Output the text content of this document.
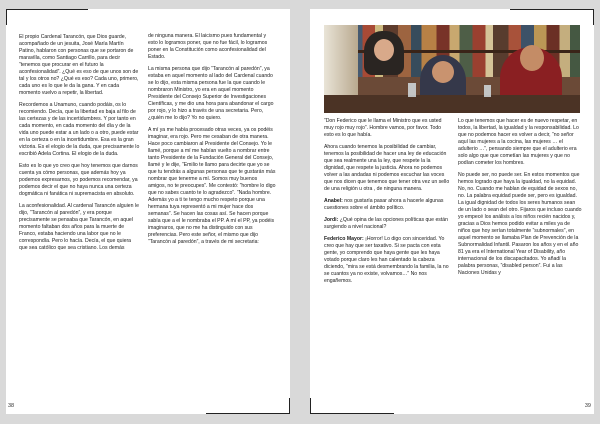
El propio Cardenal Tarancón, que Dios guarde, acompañado de un jesuita, José María Martín Patino, hablaron con personas que se portaron de maravilla, como Santiago Carrillo, para decir “tenemos que procurar en el futuro la aconfesionalidad”. ¿Qué es eso de que unos son de tal y los otros no? ¿Qué es eso? Cada uno, primero, cada uno es lo que le da la gana. Y en cada momento vuelvo a repetir, la libertad.

Recordemos a Unamuno, cuando podáis, os lo recomiendo. Decía, que la libertad es baja al filo de las certezas y de las incertidumbres. Y por tanto en cada momento, en cada momento del día y de la vida uno puede estar a un lado o a otro, puede estar en la certeza o en la incertidumbre. Esa es la gran victoria. Es el elogio de la duda, que precisamente lo escribió Adela Cortina. El elogio de la duda.

Esto es lo que yo creo que hoy tenemos que darnos cuenta ya cómo personas, que además hoy ya podemos expresarnos, yo podemos recomendar, ya podemos decir el que no haya nunca una certeza dogmática ni fanática ni supremacista en absoluto.

La aconfesionalidad. Al cardenal Tarancón alguien le dijo, “Tarancón al paredón”, y era porque precisamente se pensaba que Tarancón, en aquel momento faltaban dos años para la muerte de Franco, estaba haciendo una labor que no le correspondía. Pero lo hacía. Decía, el que quiera que sea católico que sea cristiano. Los demás

de ninguna manera. El laicismo pues fundamental y esto lo logramos poner, que no fue fácil, lo logramos poner en la Constitución como aconfesionalidad del Estado.

La misma persona que dijo “Tarancón al paredón”, ya estaba en aquel momento al lado del Cardenal cuando se lo dijo, esta misma persona fue la que cuando le nombraron Ministro, yo era en aquel momento Presidente del Consejo Superior de Investigaciones Científicas, y me dio una hora para abandonar el cargo por rojo, y lo hizo a través de una secretaria. Pero, ¿quién me lo dijo? Yo no quiero.

A mí ya me había procesado otras veces, ya os podéis imaginar, era rojo. Pero me cesaban de otra manera. Hace poco cambiaron al Presidente del Consejo. Yo le llamé, porque a mí me habían vuelto a nombrar entre tanto Presidente de la Fundación General del Consejo, llamé y le dije, “Emilio te llamo para decirte que yo se que tu tendrás a algunas personas que te gustarán más nombrar que tenerme a mí. Somos muy buenos amigos, no te preocupes”. Me contestó: “hombre lo digo que no sabes cuanto te lo agradezco”. “Nada hombre. Además yo a ti te tengo mucho respeto porque una hermana tuya representó a mi mujer hace dos semanas”. Se hacen las cosas así. Se hacen porque sabía que a el le nombraba el PP. A mí el PP, ya podéis imaginaros, que no me ha distinguido con sus preferencias. Pero este señor, el mismo que dijo “Tarancón al paredón”, a través de mi secretaria:

38

“Don Federico que le llama el Ministro que es usted muy rojo muy rojo”. Hombre vamos, por favor. Todo esto es lo que había.

Ahora cuando tenemos la posibilidad de cambiar, tenemos la posibilidad de hacer una ley de educación que sea realmente una la ley, que respete la la dignidad, que respete la justicia. Ahora no podemos volver a las andadas ni podemos escuchar las voces que nos dicen que tenemos que tener otra vez un sello de una religión u otra , de ninguna manera.

Anabel: nos gustaría pasar ahora a hacerle algunas cuestiones sobre el ámbito político.

Jordi: ¿Qué opina de las opciones políticas que están surgiendo a nivel nacional?

Federico Mayor: ¡Horror! Lo digo con sinceridad. Yo creo que hay que ser taxativo. Si se pacta con esta gente, yo comprendo que haya gente que les haya votado porque claro les han calentado la cabeza diciendo, “mira se está desmembrando la familia, la no se cuantos ya no existe, volvamos…” No nos engañemos.

Lo que tenemos que hacer es de nuevo respetar, en todos, la libertad, la igualdad y la responsabilidad. Lo que no podemos hacer es volver a decir, “no señor aquí las mujeres a la cocina, las mujeres … el adulterio …”, pensando siempre que el adulterio era solo algo que que cometían las mujeres y que no podían cometer los hombres.

No puede ser, no puede ser. En estos momentos que hemos logrado que haya la igualdad, no la equidad. No, no. Cuando me hablan de equidad de sexos no, no. La palabra equidad puede ser, pero es igualdad. La igual dignidad de todos los seres humanos sean de un lado o sean del otro. Fijaros que incluso cuando yo empecé los análisis a los niños recién nacidos y, gracias a Dios hemos podido evitar a miles ya de niños que hoy serían totalmente “subnormales”, en aquel momento se llamaba Plan de Prevención de la Subnormalidad Infantil. Pasaron los años y en el año 81 ya era el International Year of Disability, año internacional de los discapacitados. Yo añadí la palabra personas, “disabled person”. Fui a las Naciones Unidas y

39
